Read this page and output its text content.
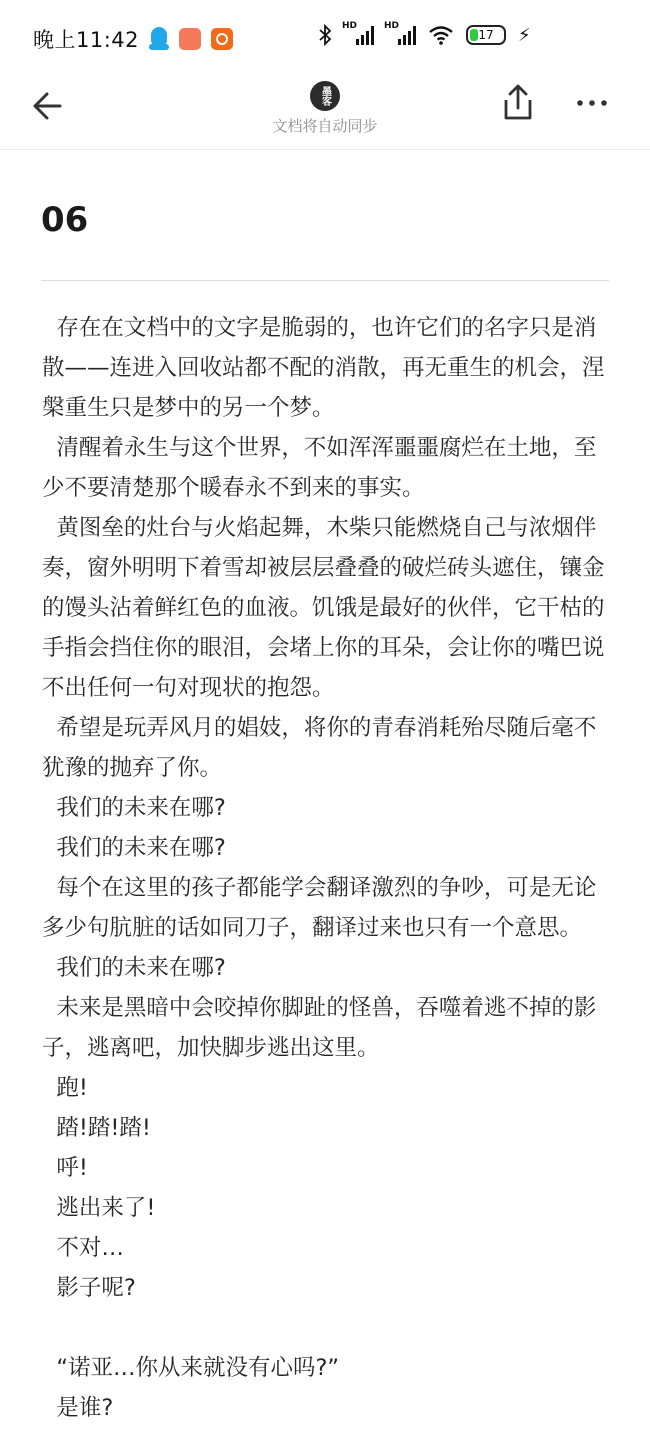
晚上11:42
HD	HD
17 ⚡
墨客
文档将自动同步
06

存在在文档中的文字是脆弱的，也许它们的名字只是消散——连进入回收站都不配的消散，再无重生的机会，涅槃重生只是梦中的另一个梦。

清醒着永生与这个世界，不如浑浑噩噩腐烂在土地，至少不要清楚那个暖春永不到来的事实。

黄图垒的灶台与火焰起舞，木柴只能燃烧自己与浓烟伴奏，窗外明明下着雪却被层层叠叠的破烂砖头遮住，镶金的馒头沾着鲜红色的血液。饥饿是最好的伙伴，它干枯的手指会挡住你的眼泪，会堵上你的耳朵，会让你的嘴巴说不出任何一句对现状的抱怨。

希望是玩弄风月的娼妓，将你的青春消耗殆尽随后毫不犹豫的抛弃了你。

我们的未来在哪?

我们的未来在哪?

每个在这里的孩子都能学会翻译激烈的争吵，可是无论多少句肮脏的话如同刀子，翻译过来也只有一个意思。

我们的未来在哪?

未来是黑暗中会咬掉你脚趾的怪兽，吞噬着逃不掉的影子，逃离吧，加快脚步逃出这里。

跑!

踏!踏!踏!

呼!

逃出来了!

不对…

影子呢?

“诺亚…你从来就没有心吗?”

是谁?
